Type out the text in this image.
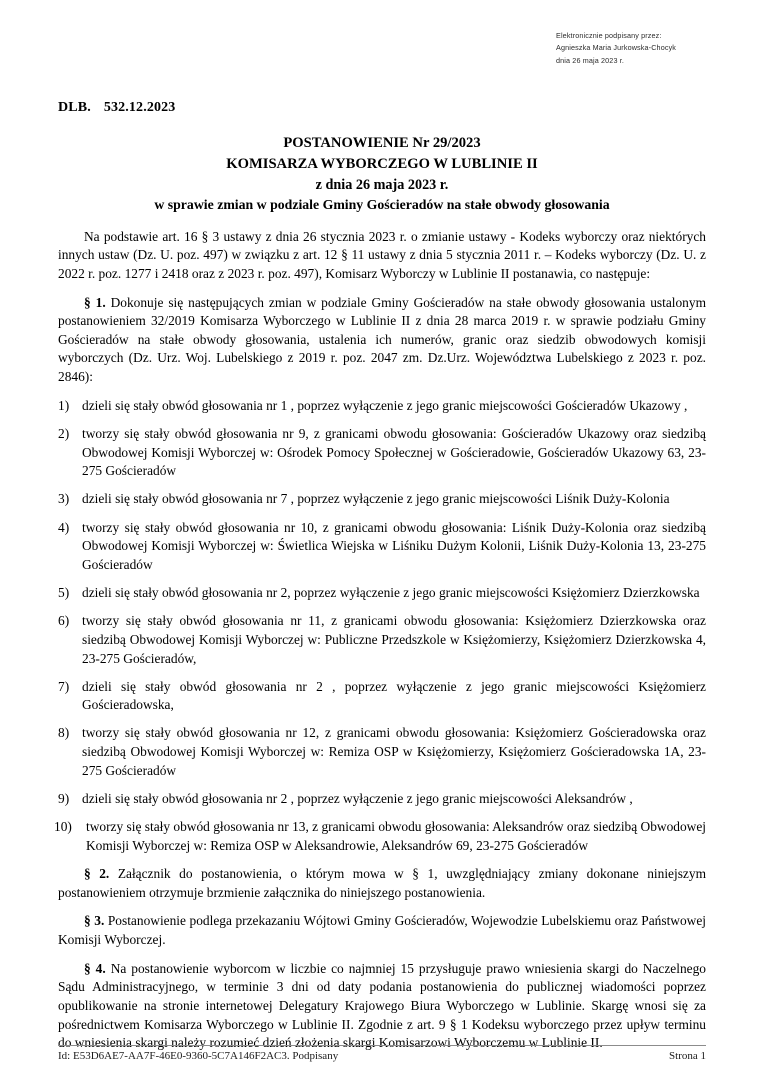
Elektronicznie podpisany przez:
Agnieszka Maria Jurkowska-Chocyk
dnia 26 maja 2023 r.
DLB. 532.12.2023
POSTANOWIENIE Nr 29/2023
KOMISARZA WYBORCZEGO W LUBLINIE II
z dnia 26 maja 2023 r.
w sprawie zmian w podziale Gminy Gościeradów na stałe obwody głosowania

Na podstawie art. 16 § 3 ustawy z dnia 26 stycznia 2023 r. o zmianie ustawy - Kodeks wyborczy oraz niektórych innych ustaw (Dz. U. poz. 497) w związku z art. 12 § 11 ustawy z dnia 5 stycznia 2011 r. – Kodeks wyborczy (Dz. U. z 2022 r. poz. 1277 i 2418 oraz z 2023 r. poz. 497), Komisarz Wyborczy w Lublinie II postanawia, co następuje:

§ 1. Dokonuje się następujących zmian w podziale Gminy Gościeradów na stałe obwody głosowania ustalonym postanowieniem 32/2019 Komisarza Wyborczego w Lublinie II z dnia 28 marca 2019 r. w sprawie podziału Gminy Gościeradów na stałe obwody głosowania, ustalenia ich numerów, granic oraz siedzib obwodowych komisji wyborczych (Dz. Urz. Woj. Lubelskiego z 2019 r. poz. 2047 zm. Dz.Urz. Województwa Lubelskiego z 2023 r. poz. 2846):

1) dzieli się stały obwód głosowania nr 1 , poprzez wyłączenie z jego granic miejscowości Gościeradów Ukazowy ,
2) tworzy się stały obwód głosowania nr 9, z granicami obwodu głosowania: Gościeradów Ukazowy oraz siedzibą Obwodowej Komisji Wyborczej w: Ośrodek Pomocy Społecznej w Gościeradowie, Gościeradów Ukazowy 63, 23-275 Gościeradów
3) dzieli się stały obwód głosowania nr 7 , poprzez wyłączenie z jego granic miejscowości Liśnik Duży-Kolonia
4) tworzy się stały obwód głosowania nr 10, z granicami obwodu głosowania: Liśnik Duży-Kolonia oraz siedzibą Obwodowej Komisji Wyborczej w: Świetlica Wiejska w Liśniku Dużym Kolonii, Liśnik Duży-Kolonia 13, 23-275 Gościeradów
5) dzieli się stały obwód głosowania nr 2, poprzez wyłączenie z jego granic miejscowości Księżomierz Dzierzkowska
6) tworzy się stały obwód głosowania nr 11, z granicami obwodu głosowania: Księżomierz Dzierzkowska oraz siedzibą Obwodowej Komisji Wyborczej w: Publiczne Przedszkole w Księżomierzy, Księżomierz Dzierzkowska 4, 23-275 Gościeradów,
7) dzieli się stały obwód głosowania nr 2 , poprzez wyłączenie z jego granic miejscowości Księżomierz Gościeradowska,
8) tworzy się stały obwód głosowania nr 12, z granicami obwodu głosowania: Księżomierz Gościeradowska oraz siedzibą Obwodowej Komisji Wyborczej w: Remiza OSP w Księżomierzy, Księżomierz Gościeradowska 1A, 23-275 Gościeradów
9) dzieli się stały obwód głosowania nr 2 , poprzez wyłączenie z jego granic miejscowości Aleksandrów ,
10)	tworzy się stały obwód głosowania nr 13, z granicami obwodu głosowania: Aleksandrów oraz siedzibą Obwodowej Komisji Wyborczej w: Remiza OSP w Aleksandrowie, Aleksandrów 69, 23-275 Gościeradów

§ 2. Załącznik do postanowienia, o którym mowa w § 1, uwzględniający zmiany dokonane niniejszym postanowieniem otrzymuje brzmienie załącznika do niniejszego postanowienia.

§ 3. Postanowienie podlega przekazaniu Wójtowi Gminy Gościeradów, Wojewodzie Lubelskiemu oraz Państwowej Komisji Wyborczej.

§ 4. Na postanowienie wyborcom w liczbie co najmniej 15 przysługuje prawo wniesienia skargi do Naczelnego Sądu Administracyjnego, w terminie 3 dni od daty podania postanowienia do publicznej wiadomości poprzez opublikowanie na stronie internetowej Delegatury Krajowego Biura Wyborczego w Lublinie. Skargę wnosi się za pośrednictwem Komisarza Wyborczego w Lublinie II. Zgodnie z art. 9 § 1 Kodeksu wyborczego przez upływ terminu do wniesienia skargi należy rozumieć dzień złożenia skargi Komisarzowi Wyborczemu w Lublinie II.

Id: E53D6AE7-AA7F-46E0-9360-5C7A146F2AC3. Podpisany	Strona 1
